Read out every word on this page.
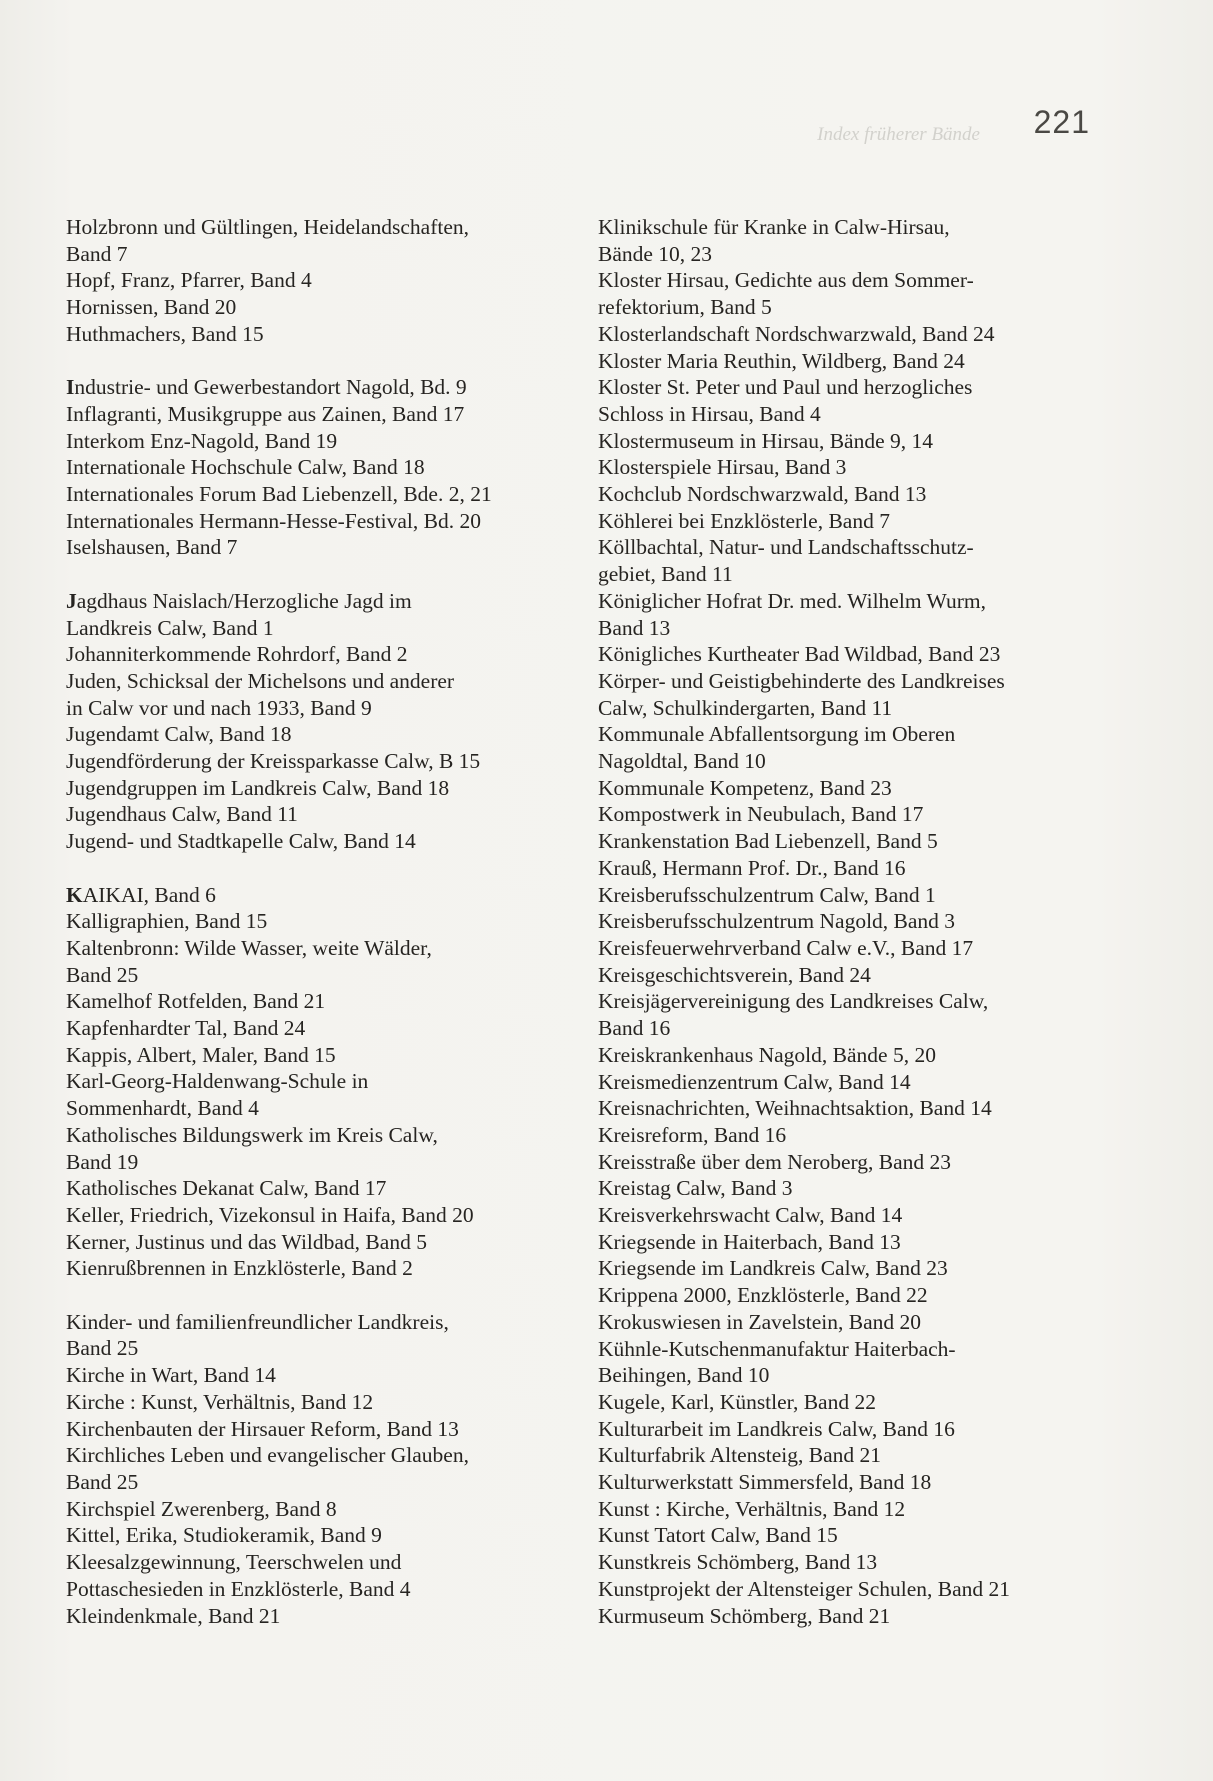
Index früherer Bände 221

Holzbronn und Gültlingen, Heidelandschaften,

Band 7

Hopf, Franz, Pfarrer, Band 4

Hornissen, Band 20

Huthmachers, Band 15

Industrie- und Gewerbestandort Nagold, Bd. 9

Inflagranti, Musikgruppe aus Zainen, Band 17

Interkom Enz-Nagold, Band 19

Internationale Hochschule Calw, Band 18

Internationales Forum Bad Liebenzell, Bde. 2, 21

Internationales Hermann-Hesse-Festival, Bd. 20

Iselshausen, Band 7

Jagdhaus Naislach/Herzogliche Jagd im

Landkreis Calw, Band 1

Johanniterkommende Rohrdorf, Band 2

Juden, Schicksal der Michelsons und anderer

in Calw vor und nach 1933, Band 9

Jugendamt Calw, Band 18

Jugendförderung der Kreissparkasse Calw, B 15

Jugendgruppen im Landkreis Calw, Band 18

Jugendhaus Calw, Band 11

Jugend- und Stadtkapelle Calw, Band 14

KAIKAI, Band 6

Kalligraphien, Band 15

Kaltenbronn: Wilde Wasser, weite Wälder,

Band 25

Kamelhof Rotfelden, Band 21

Kapfenhardter Tal, Band 24

Kappis, Albert, Maler, Band 15

Karl-Georg-Haldenwang-Schule in

Sommenhardt, Band 4

Katholisches Bildungswerk im Kreis Calw,

Band 19

Katholisches Dekanat Calw, Band 17

Keller, Friedrich, Vizekonsul in Haifa, Band 20

Kerner, Justinus und das Wildbad, Band 5

Kienrußbrennen in Enzklösterle, Band 2

Kinder- und familienfreundlicher Landkreis,

Band 25

Kirche in Wart, Band 14

Kirche : Kunst, Verhältnis, Band 12

Kirchenbauten der Hirsauer Reform, Band 13

Kirchliches Leben und evangelischer Glauben,

Band 25

Kirchspiel Zwerenberg, Band 8

Kittel, Erika, Studiokeramik, Band 9

Kleesalzgewinnung, Teerschwelen und

Pottaschesieden in Enzklösterle, Band 4

Kleindenkmale, Band 21

Klinikschule für Kranke in Calw-Hirsau,

Bände 10, 23

Kloster Hirsau, Gedichte aus dem Sommer-

refektorium, Band 5

Klosterlandschaft Nordschwarzwald, Band 24

Kloster Maria Reuthin, Wildberg, Band 24

Kloster St. Peter und Paul und herzogliches

Schloss in Hirsau, Band 4

Klostermuseum in Hirsau, Bände 9, 14

Klosterspiele Hirsau, Band 3

Kochclub Nordschwarzwald, Band 13

Köhlerei bei Enzklösterle, Band 7

Köllbachtal, Natur- und Landschaftsschutz-

gebiet, Band 11

Königlicher Hofrat Dr. med. Wilhelm Wurm,

Band 13

Königliches Kurtheater Bad Wildbad, Band 23

Körper- und Geistigbehinderte des Landkreises

Calw, Schulkindergarten, Band 11

Kommunale Abfallentsorgung im Oberen

Nagoldtal, Band 10

Kommunale Kompetenz, Band 23

Kompostwerk in Neubulach, Band 17

Krankenstation Bad Liebenzell, Band 5

Krauß, Hermann Prof. Dr., Band 16

Kreisberufsschulzentrum Calw, Band 1

Kreisberufsschulzentrum Nagold, Band 3

Kreisfeuerwehrverband Calw e.V., Band 17

Kreisgeschichtsverein, Band 24

Kreisjägervereinigung des Landkreises Calw,

Band 16

Kreiskrankenhaus Nagold, Bände 5, 20

Kreismedienzentrum Calw, Band 14

Kreisnachrichten, Weihnachtsaktion, Band 14

Kreisreform, Band 16

Kreisstraße über dem Neroberg, Band 23

Kreistag Calw, Band 3

Kreisverkehrswacht Calw, Band 14

Kriegsende in Haiterbach, Band 13

Kriegsende im Landkreis Calw, Band 23

Krippena 2000, Enzklösterle, Band 22

Krokuswiesen in Zavelstein, Band 20

Kühnle-Kutschenmanufaktur Haiterbach-

Beihingen, Band 10

Kugele, Karl, Künstler, Band 22

Kulturarbeit im Landkreis Calw, Band 16

Kulturfabrik Altensteig, Band 21

Kulturwerkstatt Simmersfeld, Band 18

Kunst : Kirche, Verhältnis, Band 12

Kunst Tatort Calw, Band 15

Kunstkreis Schömberg, Band 13

Kunstprojekt der Altensteiger Schulen, Band 21

Kurmuseum Schömberg, Band 21
